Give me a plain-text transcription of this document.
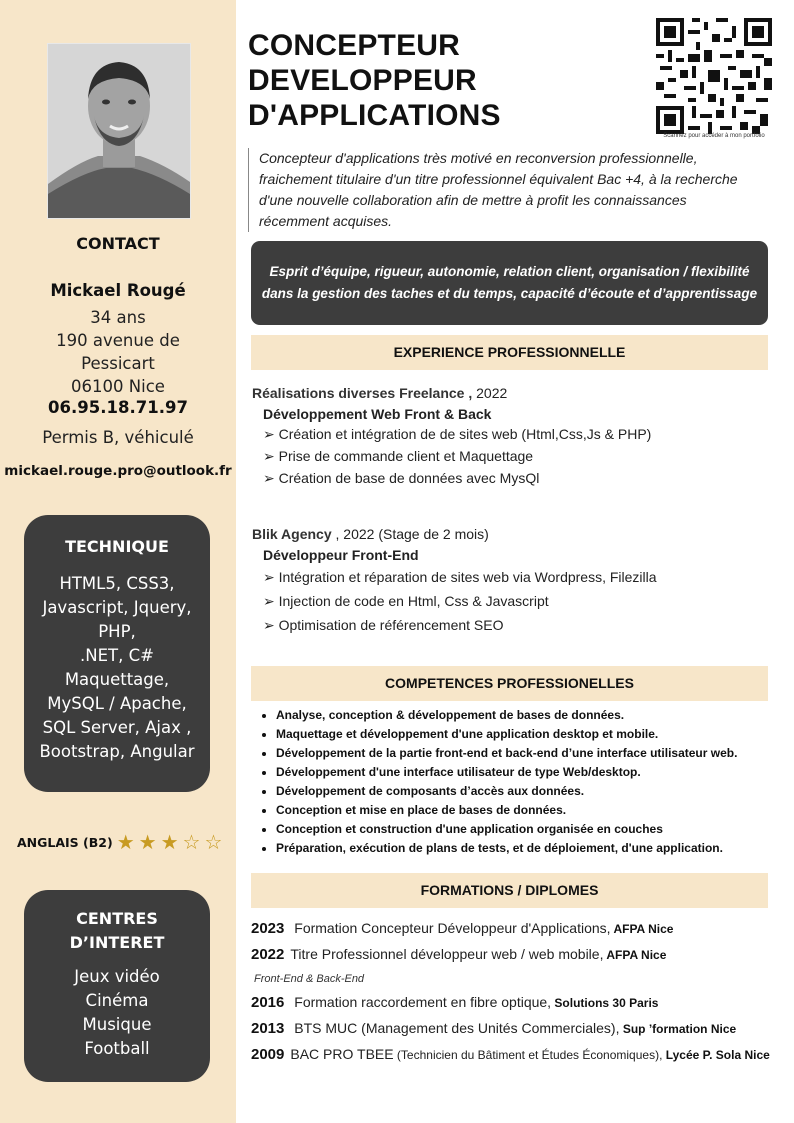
CONTACT
Mickael Rougé
34 ans
190 avenue de
Pessicart
06100 Nice
06.95.18.71.97
Permis B, véhiculé
mickael.rouge.pro@outlook.fr
TECHNIQUE
HTML5, CSS3,
Javascript, Jquery,
PHP,
.NET, C#
Maquettage,
MySQL / Apache,
SQL Server, Ajax ,
Bootstrap, Angular
ANGLAIS (B2) ★ ★ ★ ☆ ☆
CENTRES
D’INTERET
Jeux vidéo
Cinéma
Musique
Football
CONCEPTEUR
DEVELOPPEUR
D'APPLICATIONS
Scannez pour accéder à mon portfolio
Concepteur d'applications très motivé en reconversion professionnelle, fraichement titulaire d'un titre professionnel équivalent Bac +4, à la recherche d'une nouvelle collaboration afin de mettre à profit les connaissances récemment acquises.
Esprit d’équipe, rigueur, autonomie, relation client, organisation / flexibilité dans la gestion des taches et du temps, capacité d’écoute et d’apprentissage
EXPERIENCE PROFESSIONNELLE
Réalisations diverses Freelance , 2022
Développement Web Front & Back
➢ Création et intégration de de sites web (Html,Css,Js & PHP)
➢ Prise de commande client et Maquettage
➢ Création de base de données avec MysQl
Blik Agency , 2022 (Stage de 2 mois)
Développeur Front-End
➢ Intégration et réparation de sites web via Wordpress, Filezilla
➢ Injection de code en Html, Css & Javascript
➢ Optimisation de référencement SEO
COMPETENCES PROFESSIONELLES
• Analyse, conception & développement de bases de données.
• Maquettage et développement d'une application desktop et mobile.
• Développement de la partie front-end et back-end d’une interface utilisateur web.
• Développement d'une interface utilisateur de type Web/desktop.
• Développement de composants d’accès aux données.
• Conception et mise en place de bases de données.
• Conception et construction d'une application organisée en couches
• Préparation, exécution de plans de tests, et de déploiement, d'une application.
FORMATIONS / DIPLOMES
2023 Formation Concepteur Développeur d'Applications, AFPA Nice
2022 Titre Professionnel développeur web / web mobile, AFPA Nice
Front-End & Back-End
2016 Formation raccordement en fibre optique, Solutions 30 Paris
2013 BTS MUC (Management des Unités Commerciales), Sup ’formation Nice
2009 BAC PRO TBEE (Technicien du Bâtiment et Études Économiques), Lycée P. Sola Nice
